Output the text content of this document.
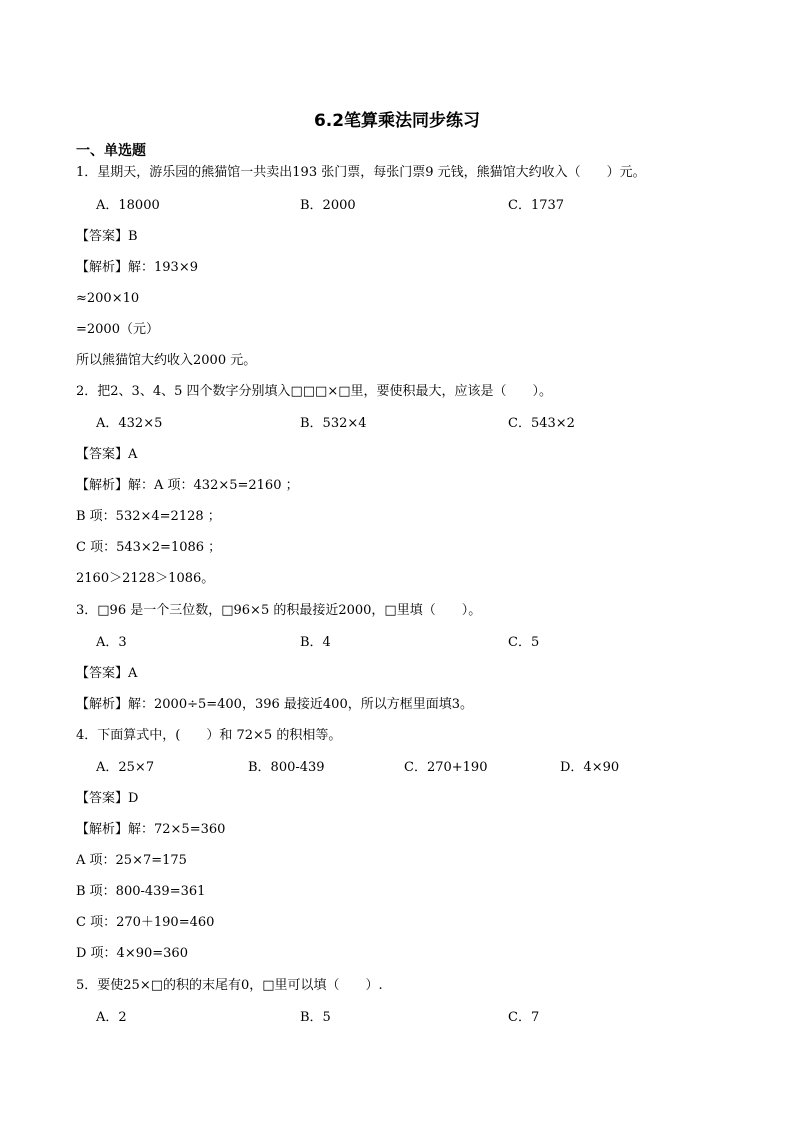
6.2笔算乘法同步练习
一、单选题
1．星期天，游乐园的熊猫馆一共卖出193 张门票，每张门票9 元钱，熊猫馆大约收入（　　）元。
A．18000	B．2000	C．1737
【答案】B
【解析】解：193×9
≈200×10
=2000（元）
所以熊猫馆大约收入2000 元。
2．把2、3、4、5 四个数字分别填入□□□×□里，要使积最大，应该是（　　）。
A．432×5	B．532×4	C．543×2
【答案】A
【解析】解：A 项：432×5=2160 ；
B 项：532×4=2128 ；
C 项：543×2=1086 ；
2160＞2128＞1086。
3．□96 是一个三位数，□96×5 的积最接近2000，□里填（　　）。
A．3	B．4	C．5
【答案】A
【解析】解：2000÷5=400，396 最接近400，所以方框里面填3。
4．下面算式中，(　　）和 72×5 的积相等。
A．25×7	B．800-439	C．270+190	D．4×90
【答案】D
【解析】解：72×5=360
A 项：25×7=175
B 项：800-439=361
C 项：270＋190=460
D 项：4×90=360
5．要使25×□的积的末尾有0，□里可以填（　　）.
A．2	B．5	C．7
